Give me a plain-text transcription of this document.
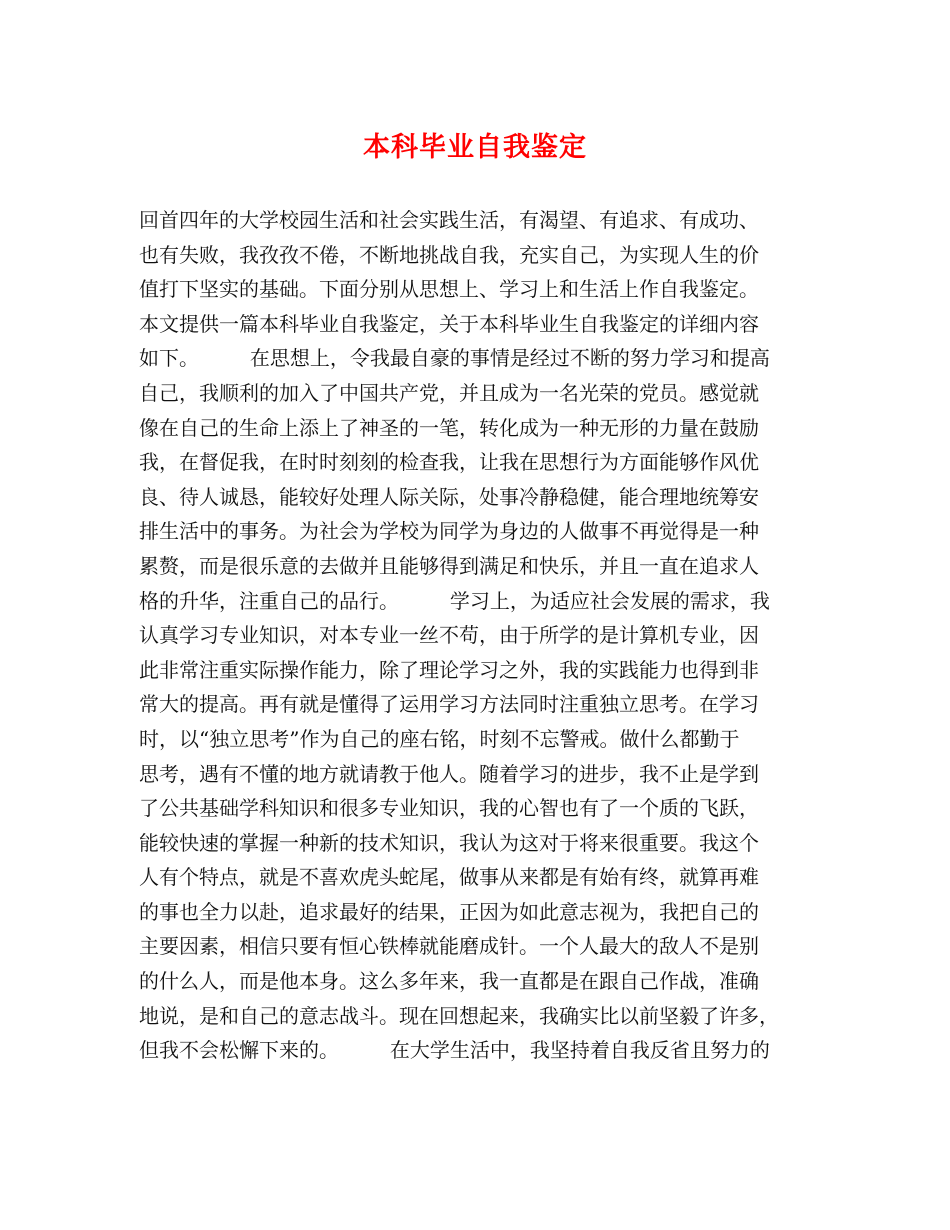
本科毕业自我鉴定
回首四年的大学校园生活和社会实践生活，有渴望、有追求、有成功、
也有失败，我孜孜不倦，不断地挑战自我，充实自己，为实现人生的价
值打下坚实的基础。下面分别从思想上、学习上和生活上作自我鉴定。
本文提供一篇本科毕业自我鉴定，关于本科毕业生自我鉴定的详细内容
如下。        在思想上，令我最自豪的事情是经过不断的努力学习和提高
自己，我顺利的加入了中国共产党，并且成为一名光荣的党员。感觉就
像在自己的生命上添上了神圣的一笔，转化成为一种无形的力量在鼓励
我，在督促我，在时时刻刻的检查我，让我在思想行为方面能够作风优
良、待人诚恳，能较好处理人际关际，处事冷静稳健，能合理地统筹安
排生活中的事务。为社会为学校为同学为身边的人做事不再觉得是一种
累赘，而是很乐意的去做并且能够得到满足和快乐，并且一直在追求人
格的升华，注重自己的品行。        学习上，为适应社会发展的需求，我
认真学习专业知识，对本专业一丝不苟，由于所学的是计算机专业，因
此非常注重实际操作能力，除了理论学习之外，我的实践能力也得到非
常大的提高。再有就是懂得了运用学习方法同时注重独立思考。在学习
时，以“独立思考”作为自己的座右铭，时刻不忘警戒。做什么都勤于
思考，遇有不懂的地方就请教于他人。随着学习的进步，我不止是学到
了公共基础学科知识和很多专业知识，我的心智也有了一个质的飞跃，
能较快速的掌握一种新的技术知识，我认为这对于将来很重要。我这个
人有个特点，就是不喜欢虎头蛇尾，做事从来都是有始有终，就算再难
的事也全力以赴，追求最好的结果，正因为如此意志视为，我把自己的
主要因素，相信只要有恒心铁棒就能磨成针。一个人最大的敌人不是别
的什么人，而是他本身。这么多年来，我一直都是在跟自己作战，准确
地说，是和自己的意志战斗。现在回想起来，我确实比以前坚毅了许多，
但我不会松懈下来的。        在大学生活中，我坚持着自我反省且努力的
